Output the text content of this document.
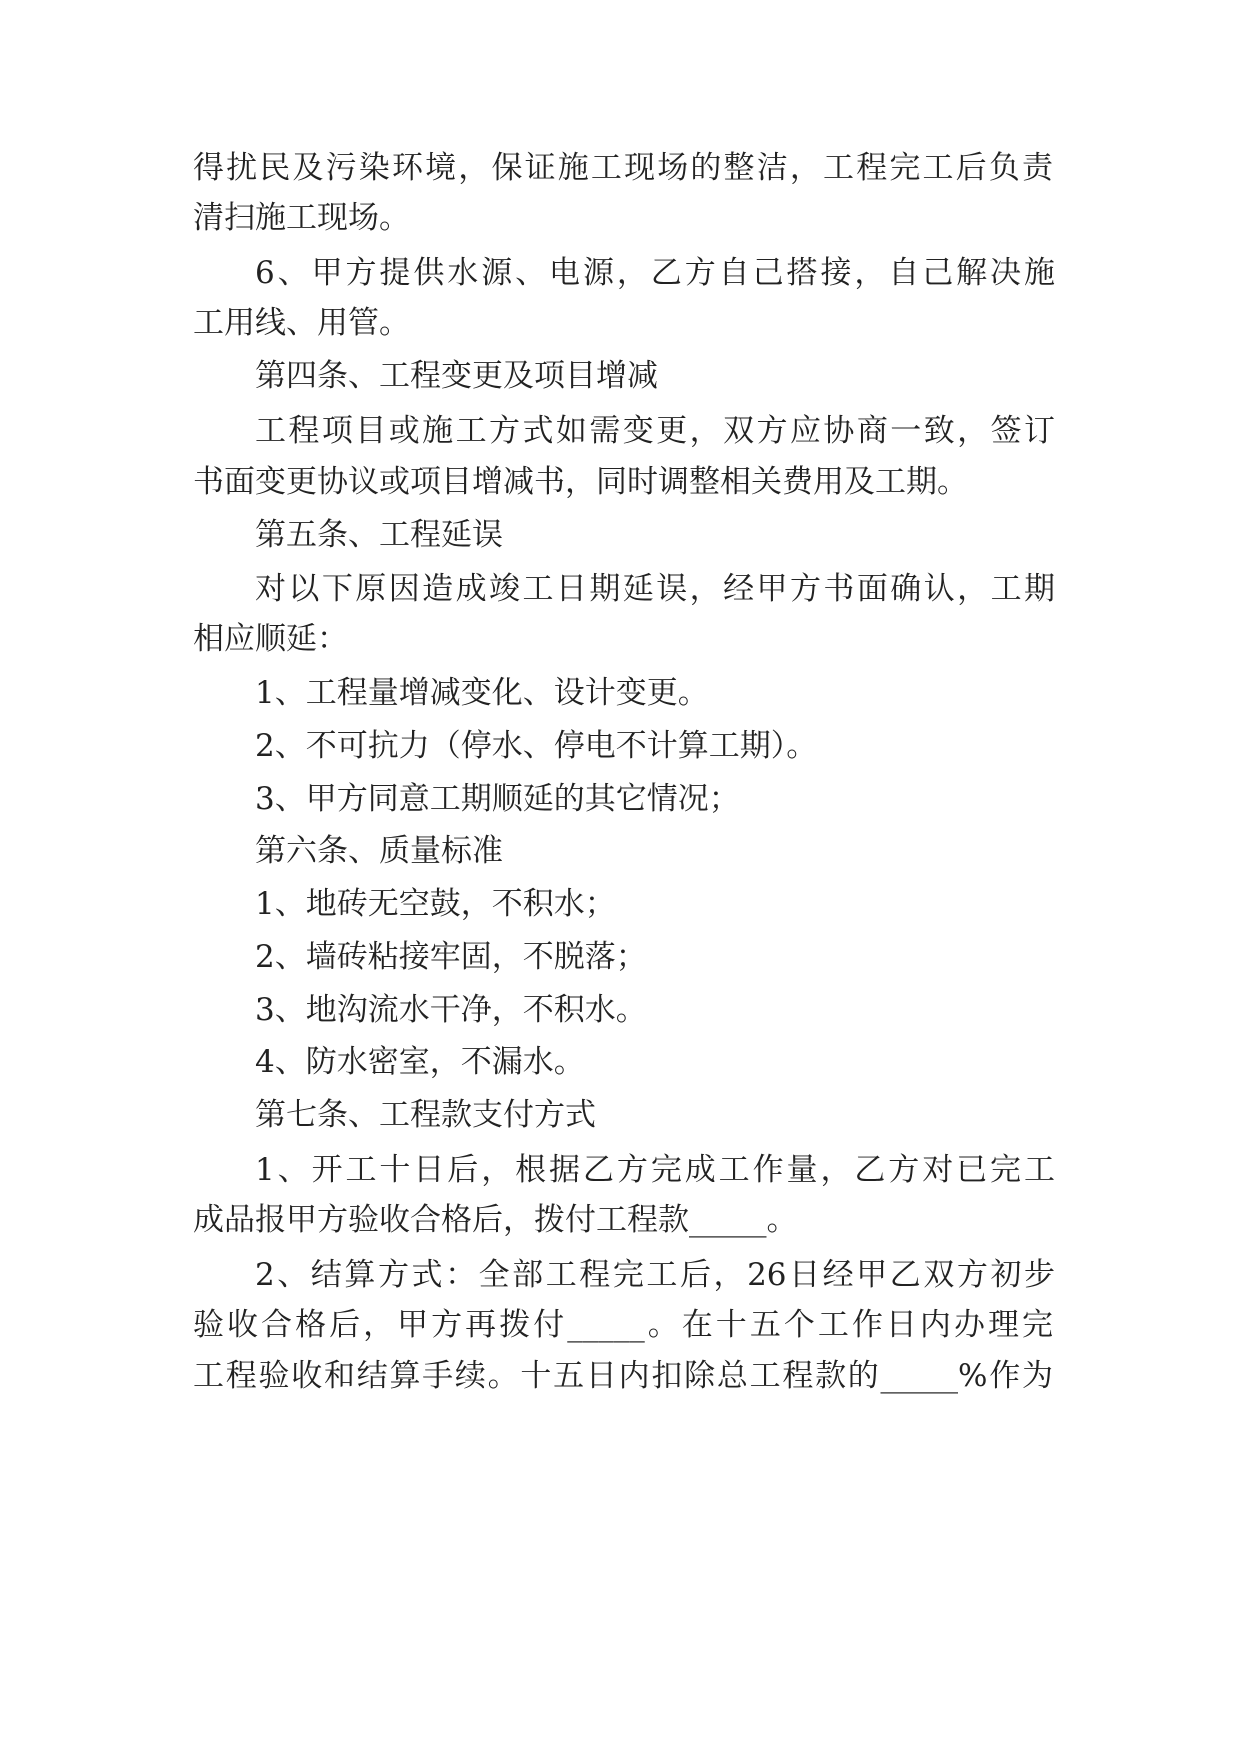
得扰民及污染环境，保证施工现场的整洁，工程完工后负责
清扫施工现场。
6、甲方提供水源、电源，乙方自己搭接，自己解决施
工用线、用管。
第四条、工程变更及项目增减
工程项目或施工方式如需变更，双方应协商一致，签订
书面变更协议或项目增减书，同时调整相关费用及工期。
第五条、工程延误
对以下原因造成竣工日期延误，经甲方书面确认，工期
相应顺延：
1、工程量增减变化、设计变更。
2、不可抗力（停水、停电不计算工期）。
3、甲方同意工期顺延的其它情况；
第六条、质量标准
1、地砖无空鼓，不积水；
2、墙砖粘接牢固，不脱落；
3、地沟流水干净，不积水。
4、防水密室，不漏水。
第七条、工程款支付方式
1、开工十日后，根据乙方完成工作量，乙方对已完工
成品报甲方验收合格后，拨付工程款_____。
2、结算方式：全部工程完工后，26日经甲乙双方初步
验收合格后，甲方再拨付_____。在十五个工作日内办理完
工程验收和结算手续。十五日内扣除总工程款的_____%作为
